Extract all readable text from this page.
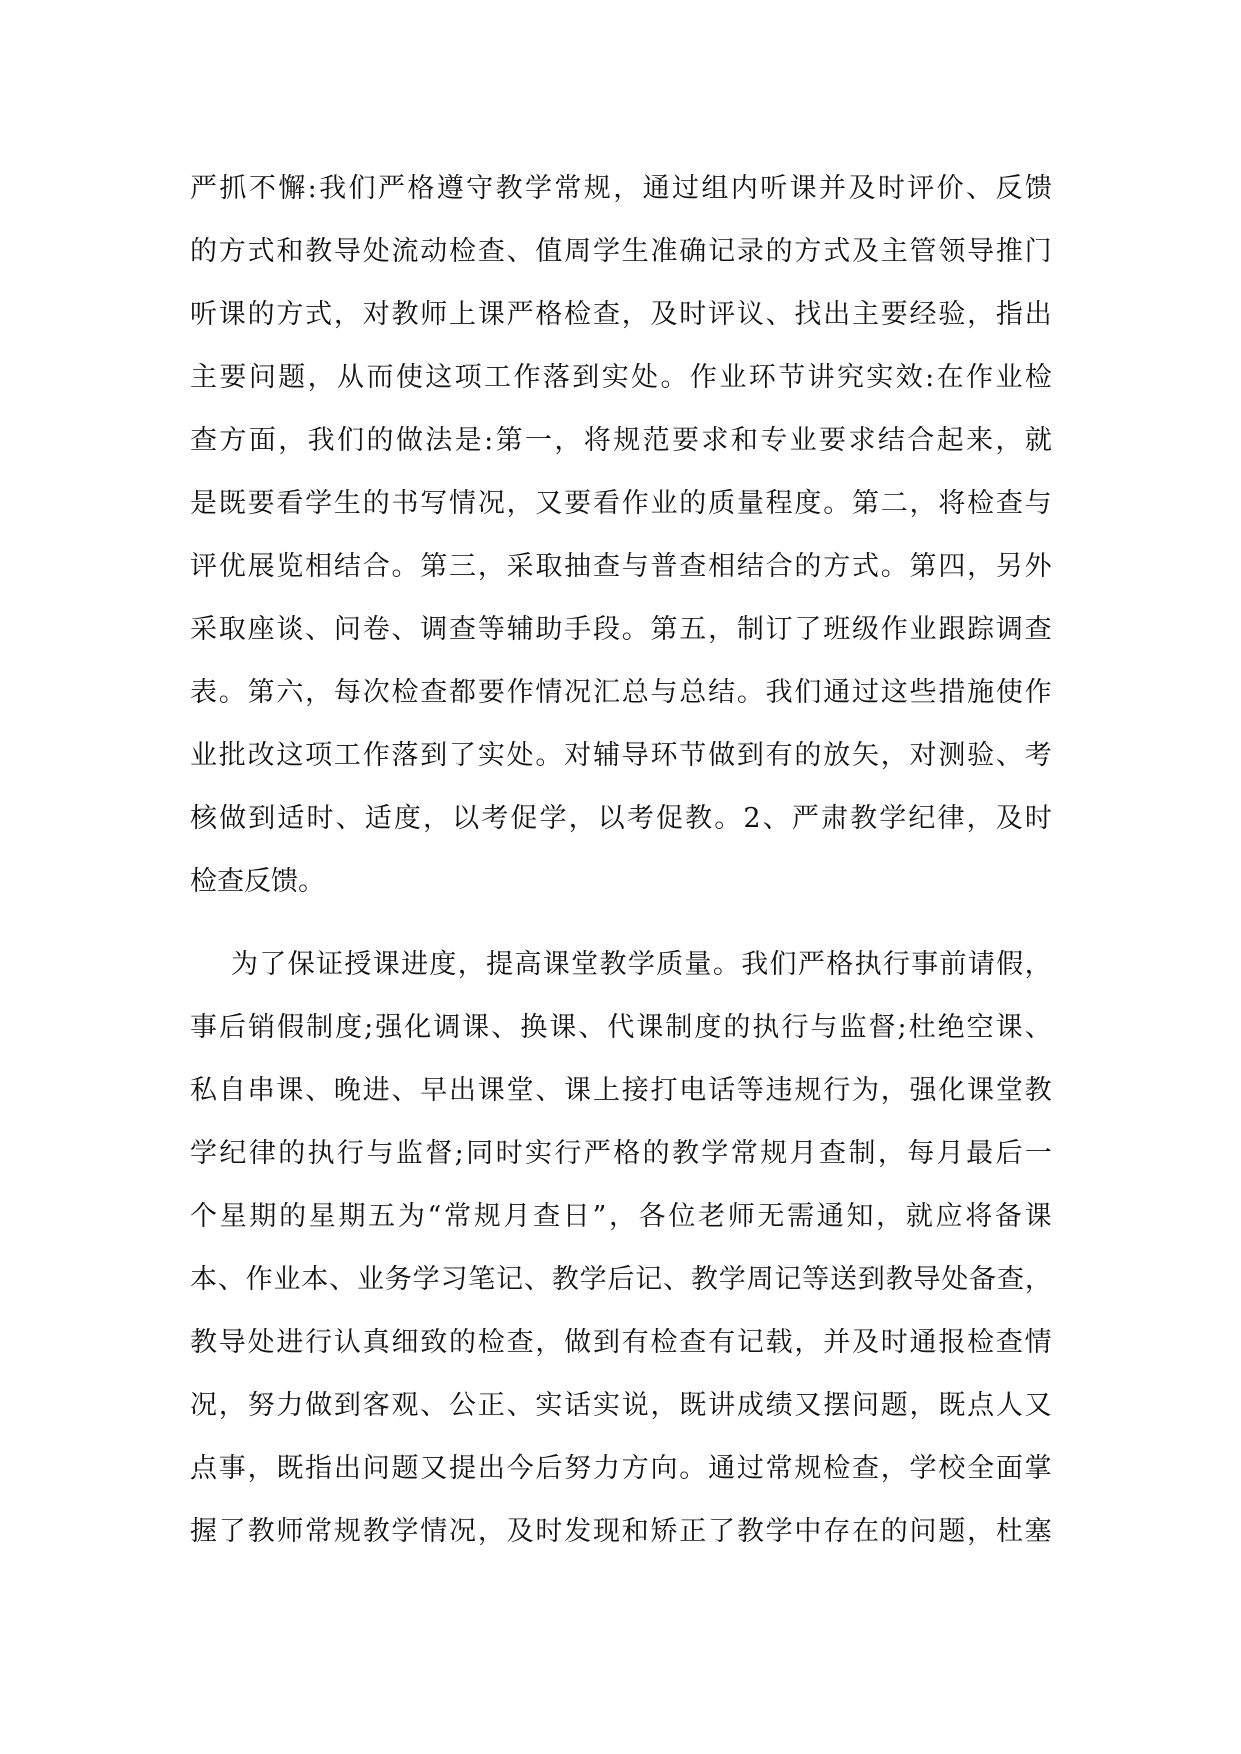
严 抓 不 懈 : 我 们 严 格 遵 守 教 学 常 规 ， 通 过 组 内 听 课 并 及 时 评 价 、 反 馈
的 方 式 和 教 导 处 流 动 检 查 、 值 周 学 生 准 确 记 录 的 方 式 及 主 管 领 导 推 门
听 课 的 方 式 ， 对 教 师 上 课 严 格 检 查 ， 及 时 评 议 、 找 出 主 要 经 验 ， 指 出
主 要 问 题 ， 从 而 使 这 项 工 作 落 到 实 处 。 作 业 环 节 讲 究 实 效 : 在 作 业 检
查 方 面 ， 我 们 的 做 法 是 : 第 一 ， 将 规 范 要 求 和 专 业 要 求 结 合 起 来 ， 就
是 既 要 看 学 生 的 书 写 情 况 ， 又 要 看 作 业 的 质 量 程 度 。 第 二 ， 将 检 查 与
评 优 展 览 相 结 合 。 第 三 ， 采 取 抽 查 与 普 查 相 结 合 的 方 式 。 第 四 ， 另 外
采 取 座 谈 、 问 卷 、 调 查 等 辅 助 手 段 。 第 五 ， 制 订 了 班 级 作 业 跟 踪 调 查
表 。 第 六 ， 每 次 检 查 都 要 作 情 况 汇 总 与 总 结 。 我 们 通 过 这 些 措 施 使 作
业 批 改 这 项 工 作 落 到 了 实 处 。 对 辅 导 环 节 做 到 有 的 放 矢 ， 对 测 验 、 考
核 做 到 适 时 、 适 度 ， 以 考 促 学 ， 以 考 促 教 。 2 、 严 肃 教 学 纪 律 ， 及 时
检查反馈。
为 了 保 证 授 课 进 度 ， 提 高 课 堂 教 学 质 量 。 我 们 严 格 执 行 事 前 请 假 ，
事 后 销 假 制 度 ; 强 化 调 课 、 换 课 、 代 课 制 度 的 执 行 与 监 督 ; 杜 绝 空 课 、
私 自 串 课 、 晚 进 、 早 出 课 堂 、 课 上 接 打 电 话 等 违 规 行 为 ， 强 化 课 堂 教
学 纪 律 的 执 行 与 监 督 ; 同 时 实 行 严 格 的 教 学 常 规 月 查 制 ， 每 月 最 后 一
个 星 期 的 星 期 五 为 “ 常 规 月 查 日 ” ， 各 位 老 师 无 需 通 知 ， 就 应 将 备 课
本 、 作 业 本 、 业 务 学 习 笔 记 、 教 学 后 记 、 教 学 周 记 等 送 到 教 导 处 备 查 ，
教 导 处 进 行 认 真 细 致 的 检 查 ， 做 到 有 检 查 有 记 载 ， 并 及 时 通 报 检 查 情
况 ， 努 力 做 到 客 观 、 公 正 、 实 话 实 说 ， 既 讲 成 绩 又 摆 问 题 ， 既 点 人 又
点 事 ， 既 指 出 问 题 又 提 出 今 后 努 力 方 向 。 通 过 常 规 检 查 ， 学 校 全 面 掌
握 了 教 师 常 规 教 学 情 况 ， 及 时 发 现 和 矫 正 了 教 学 中 存 在 的 问 题 ， 杜 塞
